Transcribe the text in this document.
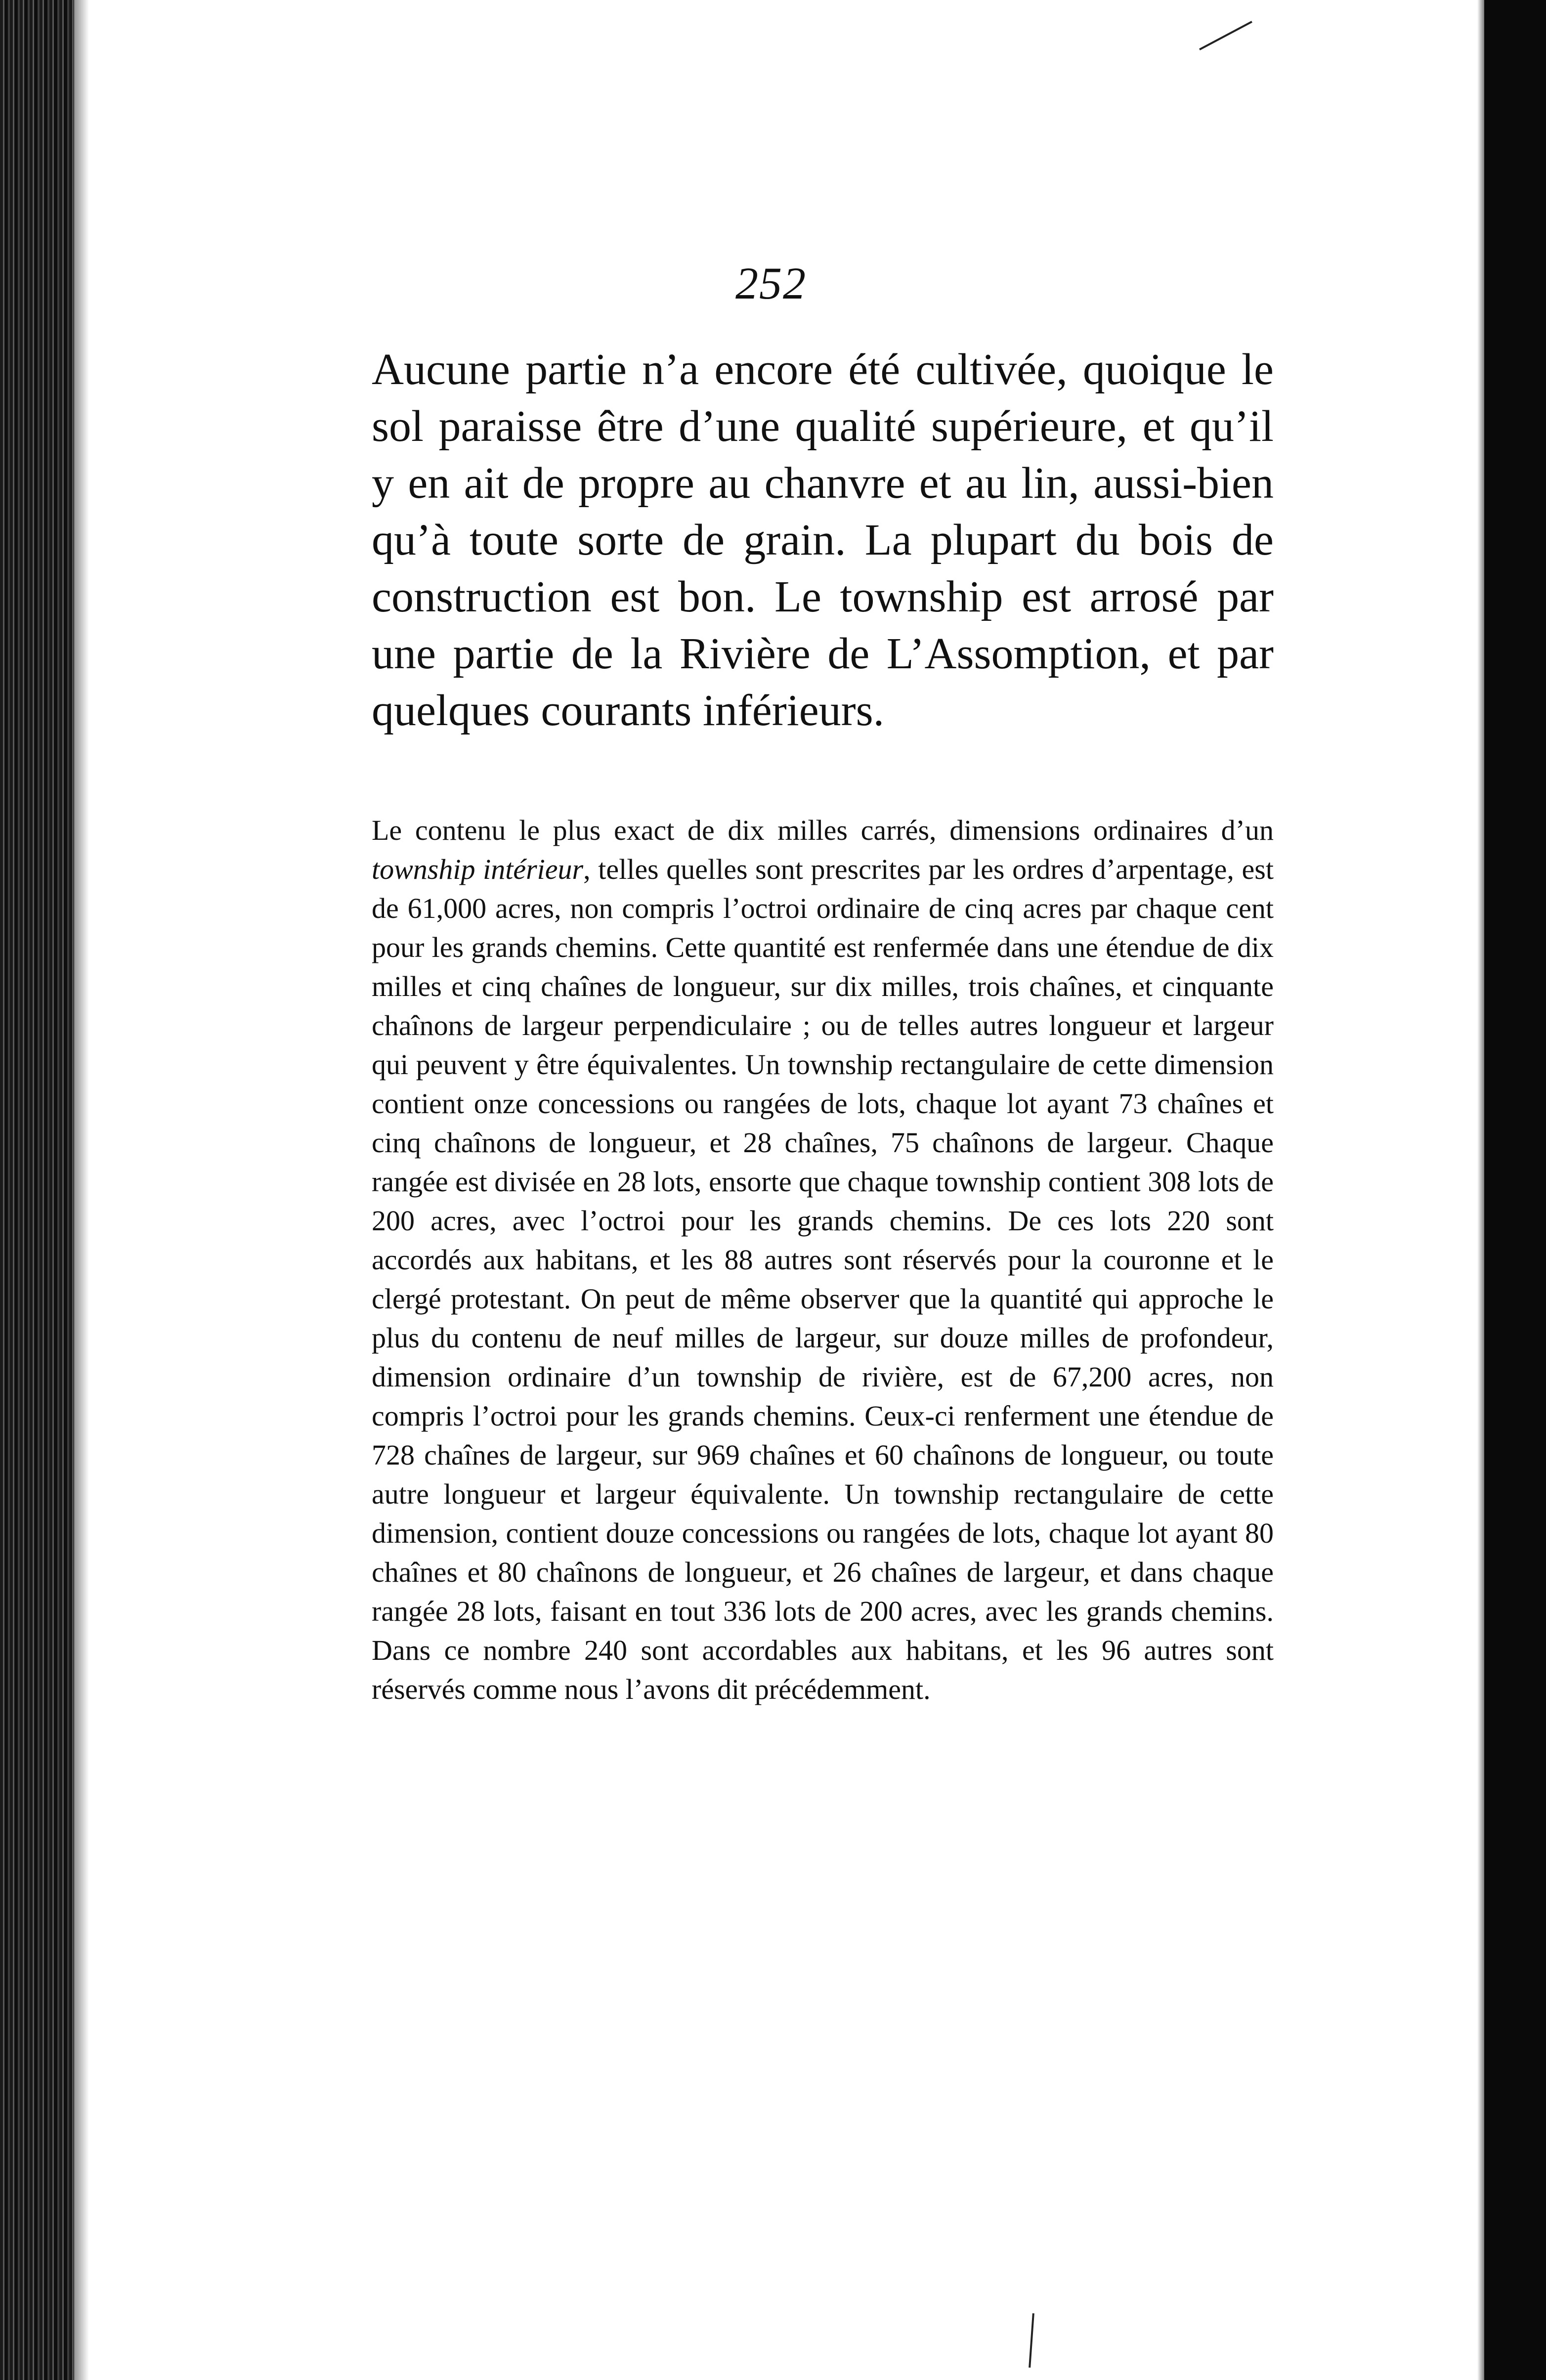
252

Aucune partie n’a encore été cultivée, quoique le sol paraisse être d’une qualité supérieure, et qu’il y en ait de propre au chanvre et au lin, aussi-bien qu’à toute sorte de grain. La plupart du bois de construction est bon. Le township est arrosé par une partie de la Rivière de L’Assomption, et par quelques courants inférieurs.

Le contenu le plus exact de dix milles carrés, dimensions ordinaires d’un township intérieur, telles quelles sont prescrites par les ordres d’arpentage, est de 61,000 acres, non compris l’octroi ordinaire de cinq acres par chaque cent pour les grands chemins. Cette quantité est renfermée dans une étendue de dix milles et cinq chaînes de longueur, sur dix milles, trois chaînes, et cinquante chaînons de largeur perpendiculaire ; ou de telles autres longueur et largeur qui peuvent y être équivalentes. Un township rectangulaire de cette dimension contient onze concessions ou rangées de lots, chaque lot ayant 73 chaînes et cinq chaînons de longueur, et 28 chaînes, 75 chaînons de largeur. Chaque rangée est divisée en 28 lots, ensorte que chaque township contient 308 lots de 200 acres, avec l’octroi pour les grands chemins. De ces lots 220 sont accordés aux habitans, et les 88 autres sont réservés pour la couronne et le clergé protestant. On peut de même observer que la quantité qui approche le plus du contenu de neuf milles de largeur, sur douze milles de profondeur, dimension ordinaire d’un township de rivière, est de 67,200 acres, non compris l’octroi pour les grands chemins. Ceux-ci renferment une étendue de 728 chaînes de largeur, sur 969 chaînes et 60 chaînons de longueur, ou toute autre longueur et largeur équivalente. Un township rectangulaire de cette dimension, contient douze concessions ou rangées de lots, chaque lot ayant 80 chaînes et 80 chaînons de longueur, et 26 chaînes de largeur, et dans chaque rangée 28 lots, faisant en tout 336 lots de 200 acres, avec les grands chemins. Dans ce nombre 240 sont accordables aux habitans, et les 96 autres sont réservés comme nous l’avons dit précédemment.
